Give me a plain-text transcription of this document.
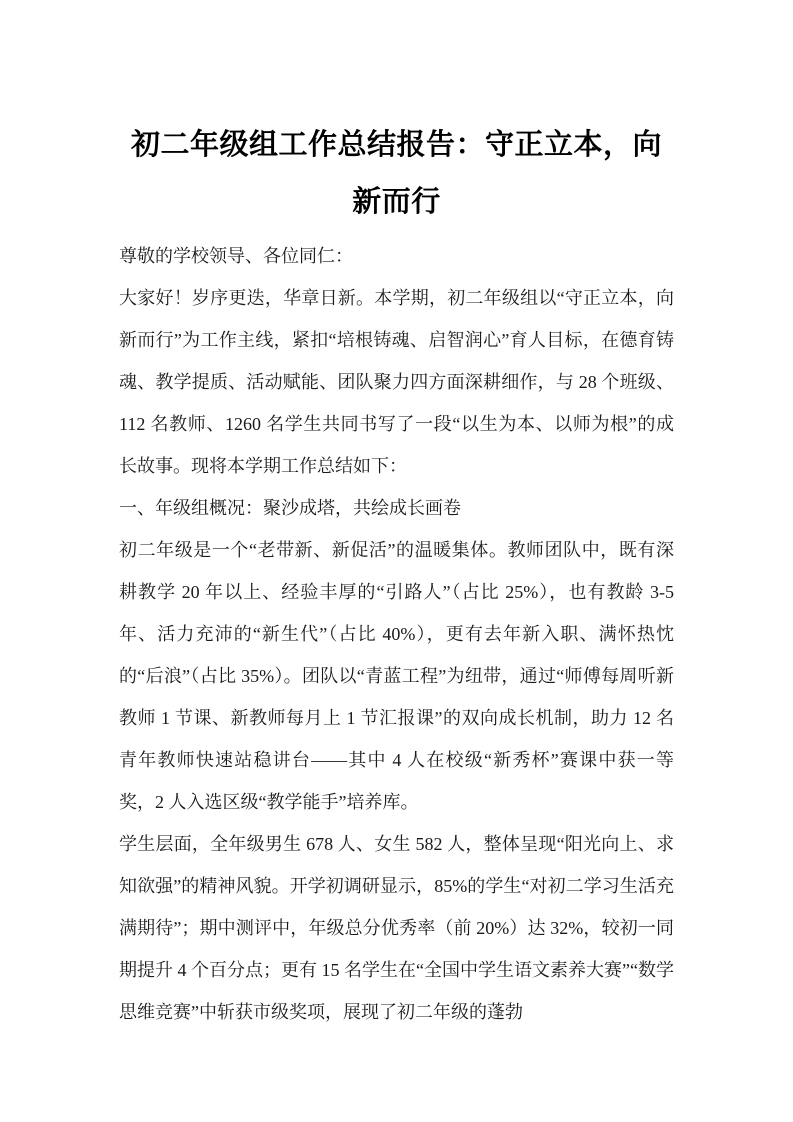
初二年级组工作总结报告：守正立本，向新而行

尊敬的学校领导、各位同仁：

大家好！岁序更迭，华章日新。本学期，初二年级组以“守正立本，向新而行”为工作主线，紧扣“培根铸魂、启智润心”育人目标，在德育铸魂、教学提质、活动赋能、团队聚力四方面深耕细作，与 28 个班级、112 名教师、1260 名学生共同书写了一段“以生为本、以师为根”的成长故事。现将本学期工作总结如下：

一、年级组概况：聚沙成塔，共绘成长画卷

初二年级是一个“老带新、新促活”的温暖集体。教师团队中，既有深耕教学 20 年以上、经验丰厚的“引路人”（占比 25%），也有教龄 3-5 年、活力充沛的“新生代”（占比 40%），更有去年新入职、满怀热忱的“后浪”（占比 35%）。团队以“青蓝工程”为纽带，通过“师傅每周听新教师 1 节课、新教师每月上 1 节汇报课”的双向成长机制，助力 12 名青年教师快速站稳讲台——其中 4 人在校级“新秀杯”赛课中获一等奖，2 人入选区级“教学能手”培养库。

学生层面，全年级男生 678 人、女生 582 人，整体呈现“阳光向上、求知欲强”的精神风貌。开学初调研显示，85%的学生“对初二学习生活充满期待”；期中测评中，年级总分优秀率（前 20%）达 32%，较初一同期提升 4 个百分点；更有 15 名学生在“全国中学生语文素养大赛”“数学思维竞赛”中斩获市级奖项，展现了初二年级的蓬勃
